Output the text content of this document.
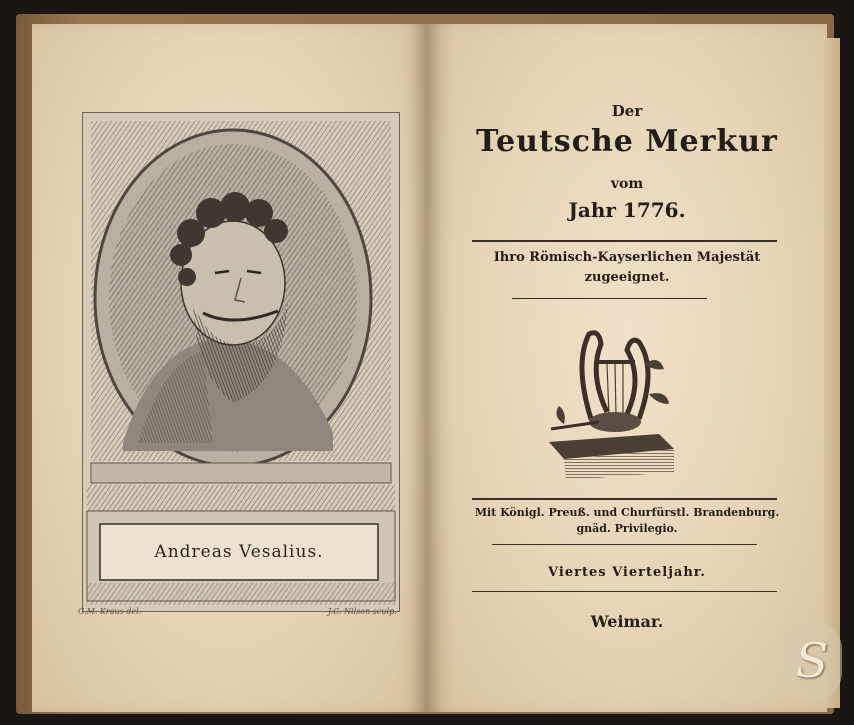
Andreas Vesalius.
G.M. Kraus del.	J.C. Nilson sculp.
Der
Teutsche Merkur
vom
Jahr 1776.
Ihro Römisch-Kayserlichen Majestät
zugeeignet.
Mit Königl. Preuß. und Churfürstl. Brandenburg.
gnäd. Privilegio.
Viertes Vierteljahr.
Weimar.
S
